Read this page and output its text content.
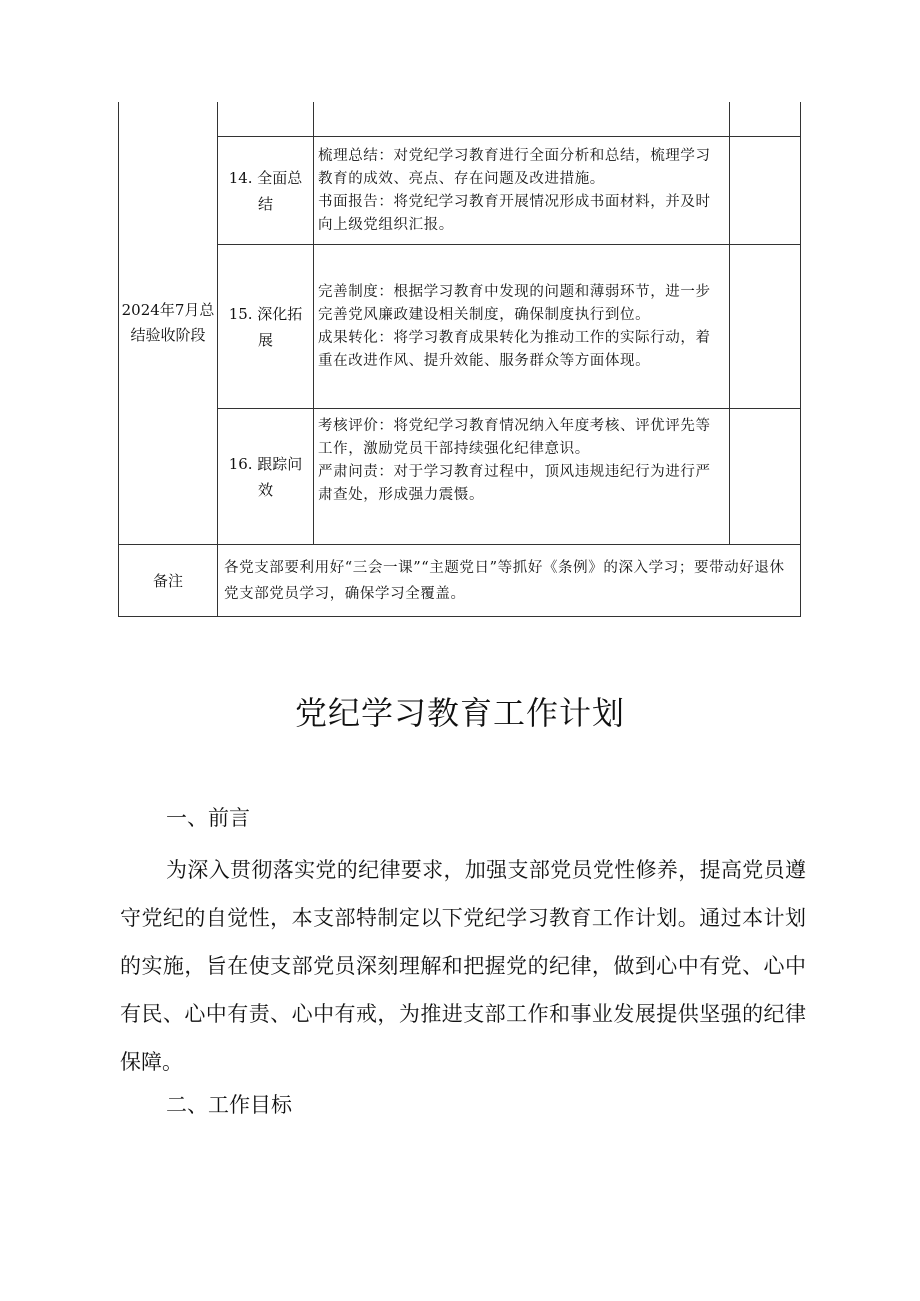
2024年7月总结验收阶段			
	14. 全面总结	梳理总结：对党纪学习教育进行全面分析和总结，梳理学习教育的成效、亮点、存在问题及改进措施。

书面报告：将党纪学习教育开展情况形成书面材料，并及时向上级党组织汇报。	

	15. 深化拓展	完善制度：根据学习教育中发现的问题和薄弱环节，进一步完善党风廉政建设相关制度，确保制度执行到位。

成果转化：将学习教育成果转化为推动工作的实际行动，着重在改进作风、提升效能、服务群众等方面体现。	

	16. 跟踪问效	考核评价：将党纪学习教育情况纳入年度考核、评优评先等工作，激励党员干部持续强化纪律意识。

严肃问责：对于学习教育过程中，顶风违规违纪行为进行严肃查处，形成强力震慑。	

备注	各党支部要利用好“三会一课”“主题党日”等抓好《条例》的深入学习；要带动好退休党支部党员学习，确保学习全覆盖。		
党纪学习教育工作计划
一、前言

为深入贯彻落实党的纪律要求，加强支部党员党性修养，提高党员遵守党纪的自觉性，本支部特制定以下党纪学习教育工作计划。通过本计划的实施，旨在使支部党员深刻理解和把握党的纪律，做到心中有党、心中有民、心中有责、心中有戒，为推进支部工作和事业发展提供坚强的纪律保障。

二、工作目标
